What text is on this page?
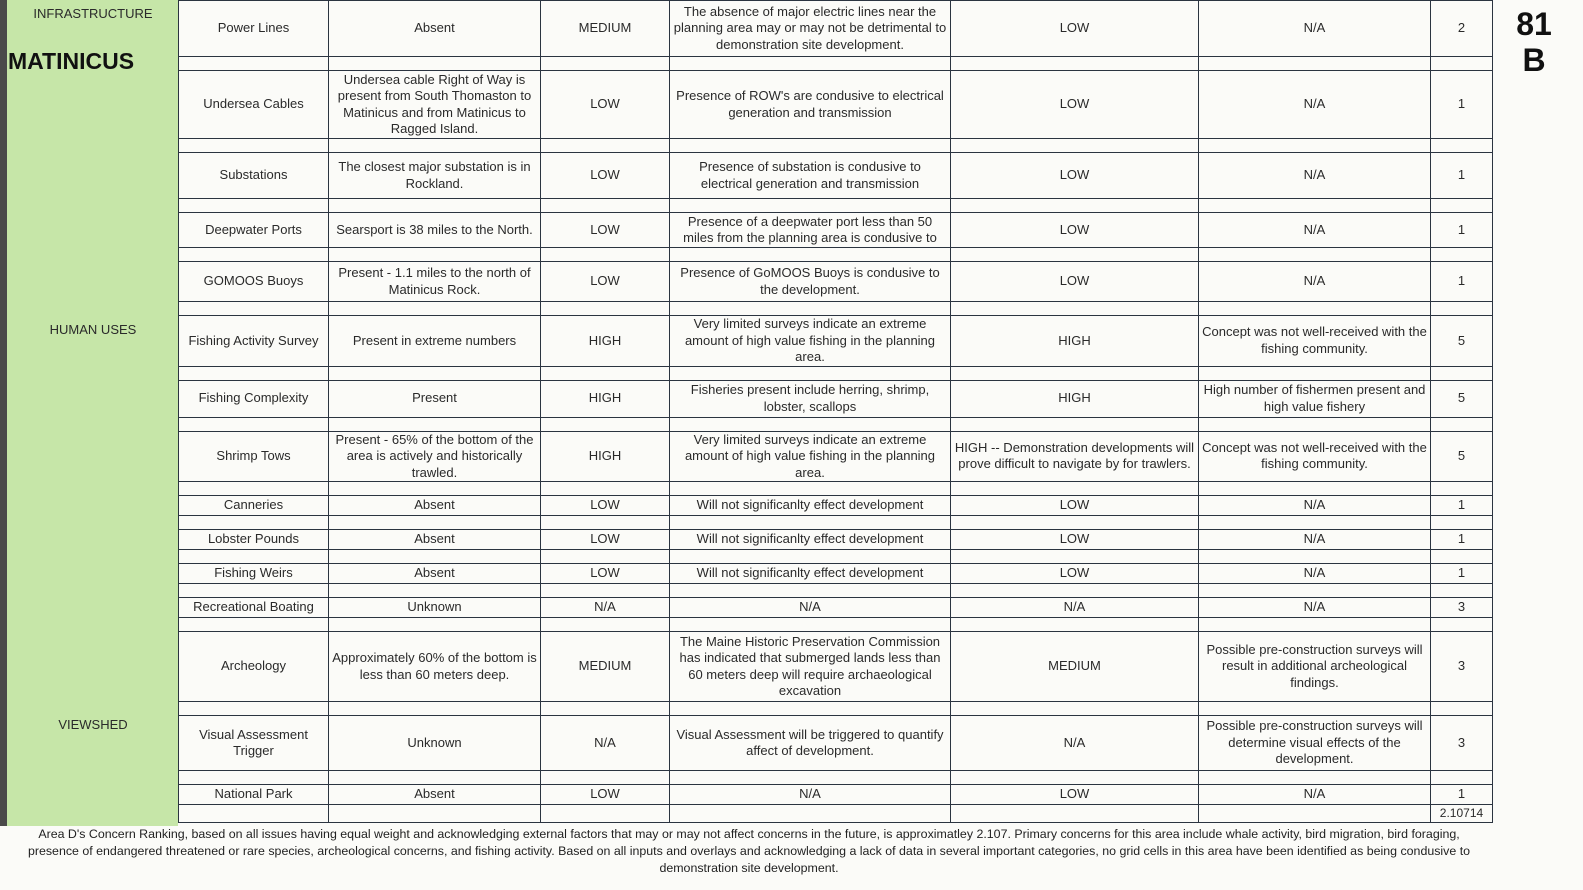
INFRASTRUCTURE
MATINICUS
HUMAN USES
VIEWSHED
81
B
Power Lines	Absent	MEDIUM	The absence of major electric lines near the planning area may or may not be detrimental to demonstration site development.	LOW	N/A	2

Undersea Cables	Undersea cable Right of Way is present from South Thomaston to Matinicus and from Matinicus to Ragged Island.	LOW	Presence of ROW's are condusive to electrical generation and transmission	LOW	N/A	1

Substations	The closest major substation is in Rockland.	LOW	Presence of substation is condusive to electrical generation and transmission	LOW	N/A	1

Deepwater Ports	Searsport is 38 miles to the North.	LOW	Presence of a deepwater port less than 50 miles from the planning area is condusive to	LOW	N/A	1

GOMOOS Buoys	Present - 1.1 miles to the north of Matinicus Rock.	LOW	Presence of GoMOOS Buoys is condusive to the development.	LOW	N/A	1

Fishing Activity Survey	Present in extreme numbers	HIGH	Very limited surveys indicate an extreme amount of high value fishing in the planning area.	HIGH	Concept was not well-received with the fishing community.	5

Fishing Complexity	Present	HIGH	Fisheries present include herring, shrimp, lobster, scallops	HIGH	High number of fishermen present and high value fishery	5

Shrimp Tows	Present - 65% of the bottom of the area is actively and historically trawled.	HIGH	Very limited surveys indicate an extreme amount of high value fishing in the planning area.	HIGH -- Demonstration developments will prove difficult to navigate by for trawlers.	Concept was not well-received with the fishing community.	5

Canneries	Absent	LOW	Will not significanlty effect development	LOW	N/A	1

Lobster Pounds	Absent	LOW	Will not significanlty effect development	LOW	N/A	1

Fishing Weirs	Absent	LOW	Will not significanlty effect development	LOW	N/A	1

Recreational Boating	Unknown	N/A	N/A	N/A	N/A	3

Archeology	Approximately 60% of the bottom is less than 60 meters deep.	MEDIUM	The Maine Historic Preservation Commission has indicated that submerged lands less than 60 meters deep will require archaeological excavation	MEDIUM	Possible pre-construction surveys will result in additional archeological findings.	3

Visual Assessment Trigger	Unknown	N/A	Visual Assessment will be triggered to quantify affect of development.	N/A	Possible pre-construction surveys will determine visual effects of the development.	3

National Park	Absent	LOW	N/A	LOW	N/A	1
						2.10714
Area D's Concern Ranking, based on all issues having equal weight and acknowledging external factors that may or may not affect concerns in the future, is approximatley 2.107. Primary concerns for this area include whale activity, bird migration, bird foraging, presence of endangered threatened or rare species, archeological concerns, and fishing activity. Based on all inputs and overlays and acknowledging a lack of data in several important categories, no grid cells in this area have been identified as being condusive to demonstration site development.
